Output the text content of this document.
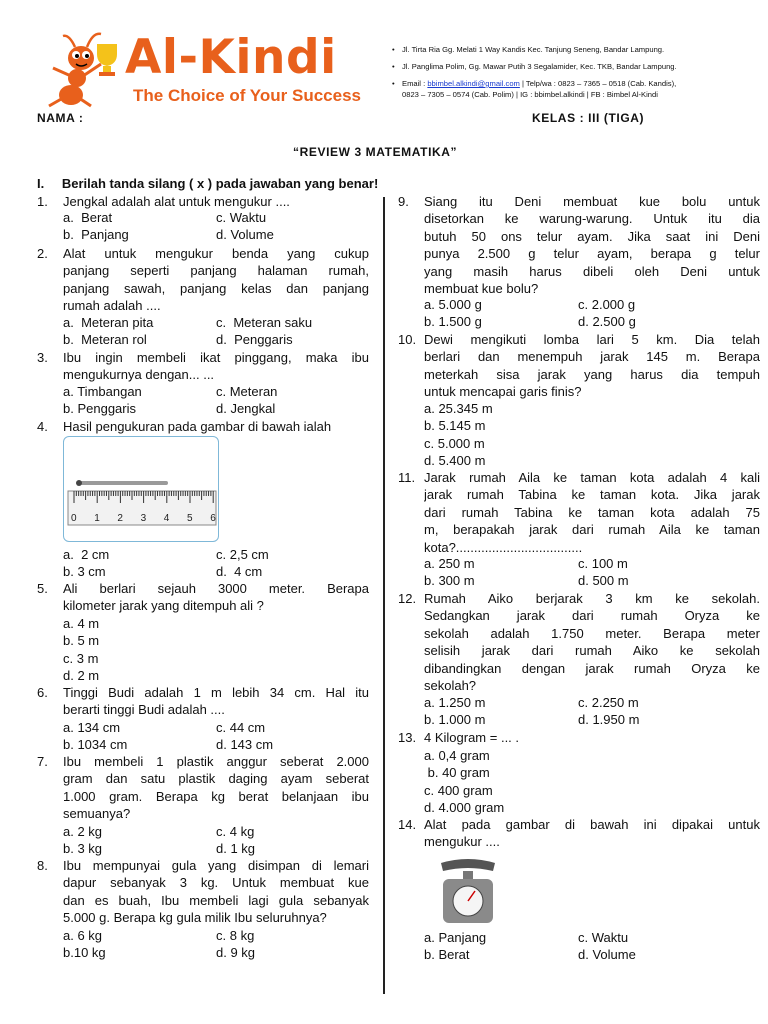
Al-Kindi
The Choice of Your Success
• Jl. Tirta Ria Gg. Melati 1 Way Kandis Kec. Tanjung Seneng, Bandar Lampung.
• Jl. Panglima Polim, Gg. Mawar Putih 3 Segalamider, Kec. TKB, Bandar Lampung.
• Email : bbimbel.alkindi@gmail.com | Telp/wa : 0823 – 7365 – 0518 (Cab. Kandis),
0823 – 7305 – 0574 (Cab. Polim) | IG : bbimbel.alkindi | FB : Bimbel Al-Kindi
NAMA :	KELAS : III (TIGA)
“REVIEW 3 MATEMATIKA”
I. Berilah tanda silang ( x ) pada jawaban yang benar!
1. Jengkal adalah alat untuk mengukur ....
a.  Berat	c. Waktu
b.  Panjang	d. Volume
2. Alat untuk mengukur benda yang cukup
panjang seperti panjang halaman rumah,
panjang sawah, panjang kelas dan panjang
rumah adalah ....
a.  Meteran pita	c.  Meteran saku
b.  Meteran rol	d.  Penggaris
3. Ibu ingin membeli ikat pinggang, maka ibu
mengukurnya dengan... ...
a. Timbangan	c. Meteran
b. Penggaris	d. Jengkal
4. Hasil pengukuran pada gambar di bawah ialah
a.  2 cm	c. 2,5 cm
b. 3 cm	d.  4 cm
5. Ali berlari sejauh 3000 meter. Berapa
kilometer jarak yang ditempuh ali ?
a. 4 m
b. 5 m
c. 3 m
d. 2 m
6. Tinggi Budi adalah 1 m lebih 34 cm. Hal itu
berarti tinggi Budi adalah ....
a. 134 cm	c. 44 cm
b. 1034 cm	d. 143 cm
7. Ibu membeli 1 plastik anggur seberat 2.000
gram dan satu plastik daging ayam seberat
1.000 gram. Berapa kg berat belanjaan ibu
semuanya?
a. 2 kg	c. 4 kg
b. 3 kg	d. 1 kg
8. Ibu mempunyai gula yang disimpan di lemari
dapur sebanyak 3 kg. Untuk membuat kue
dan es buah, Ibu membeli lagi gula sebanyak
5.000 g. Berapa kg gula milik Ibu seluruhnya?
a. 6 kg	c. 8 kg
b.10 kg	d. 9 kg
9. Siang itu Deni membuat kue bolu untuk
disetorkan ke warung-warung. Untuk itu dia
butuh 50 ons telur ayam. Jika saat ini Deni
punya 2.500 g telur ayam, berapa g telur
yang masih harus dibeli oleh Deni untuk
membuat kue bolu?
a. 5.000 g	c. 2.000 g
b. 1.500 g	d. 2.500 g
10. Dewi mengikuti lomba lari 5 km. Dia telah
berlari dan menempuh jarak 145 m. Berapa
meterkah sisa jarak yang harus dia tempuh
untuk mencapai garis finis?
a. 25.345 m
b. 5.145 m
c. 5.000 m
d. 5.400 m
11. Jarak rumah Aila ke taman kota adalah 4 kali
jarak rumah Tabina ke taman kota. Jika jarak
dari rumah Tabina ke taman kota adalah 75
m, berapakah jarak dari rumah Aila ke taman
kota?...................................
a. 250 m	c. 100 m
b. 300 m	d. 500 m
12. Rumah Aiko berjarak 3 km ke sekolah.
Sedangkan jarak dari rumah Oryza ke
sekolah adalah 1.750 meter. Berapa meter
selisih jarak dari rumah Aiko ke sekolah
dibandingkan dengan jarak rumah Oryza ke
sekolah?
a. 1.250 m	c. 2.250 m
b. 1.000 m	d. 1.950 m
13. 4 Kilogram = ... .
a. 0,4 gram
b. 40 gram
c. 400 gram
d. 4.000 gram
14. Alat pada gambar di bawah ini dipakai untuk
mengukur ....
a. Panjang	c. Waktu
b. Berat	d. Volume
0 1 2 3 4 5 6
